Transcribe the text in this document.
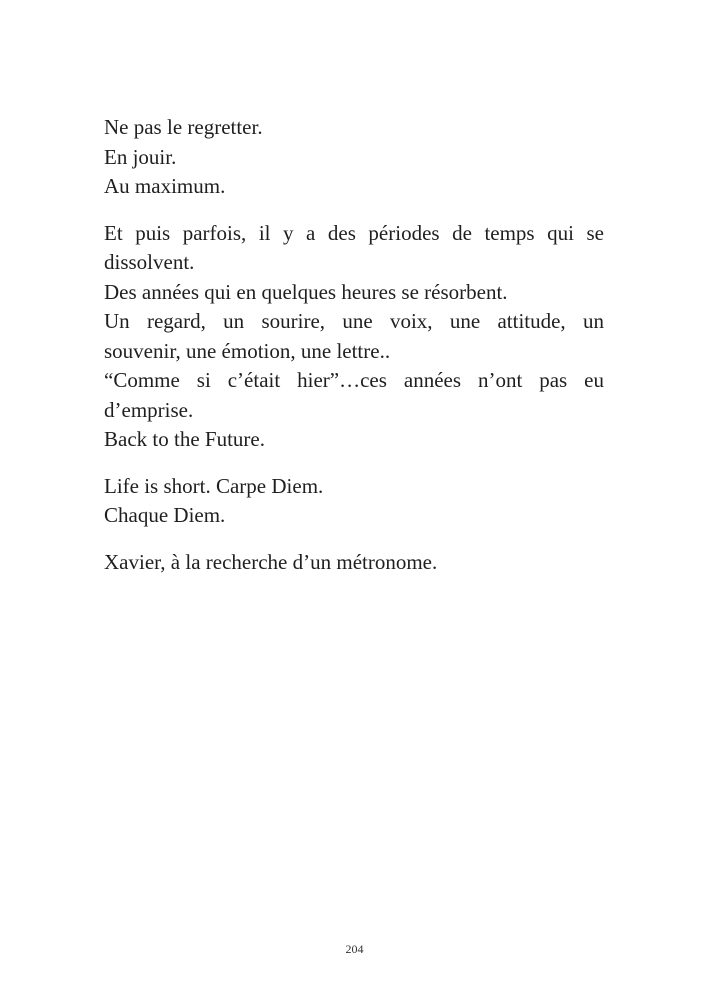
Ne pas le regretter.
En jouir.
Au maximum.
Et puis parfois, il y a des périodes de temps qui se
dissolvent.
Des années qui en quelques heures se résorbent.
Un regard, un sourire, une voix, une attitude, un
souvenir, une émotion, une lettre..
“Comme si c’était hier”…ces années n’ont pas eu
d’emprise.
Back to the Future.
Life is short. Carpe Diem.
Chaque Diem.
Xavier, à la recherche d’un métronome.
204
